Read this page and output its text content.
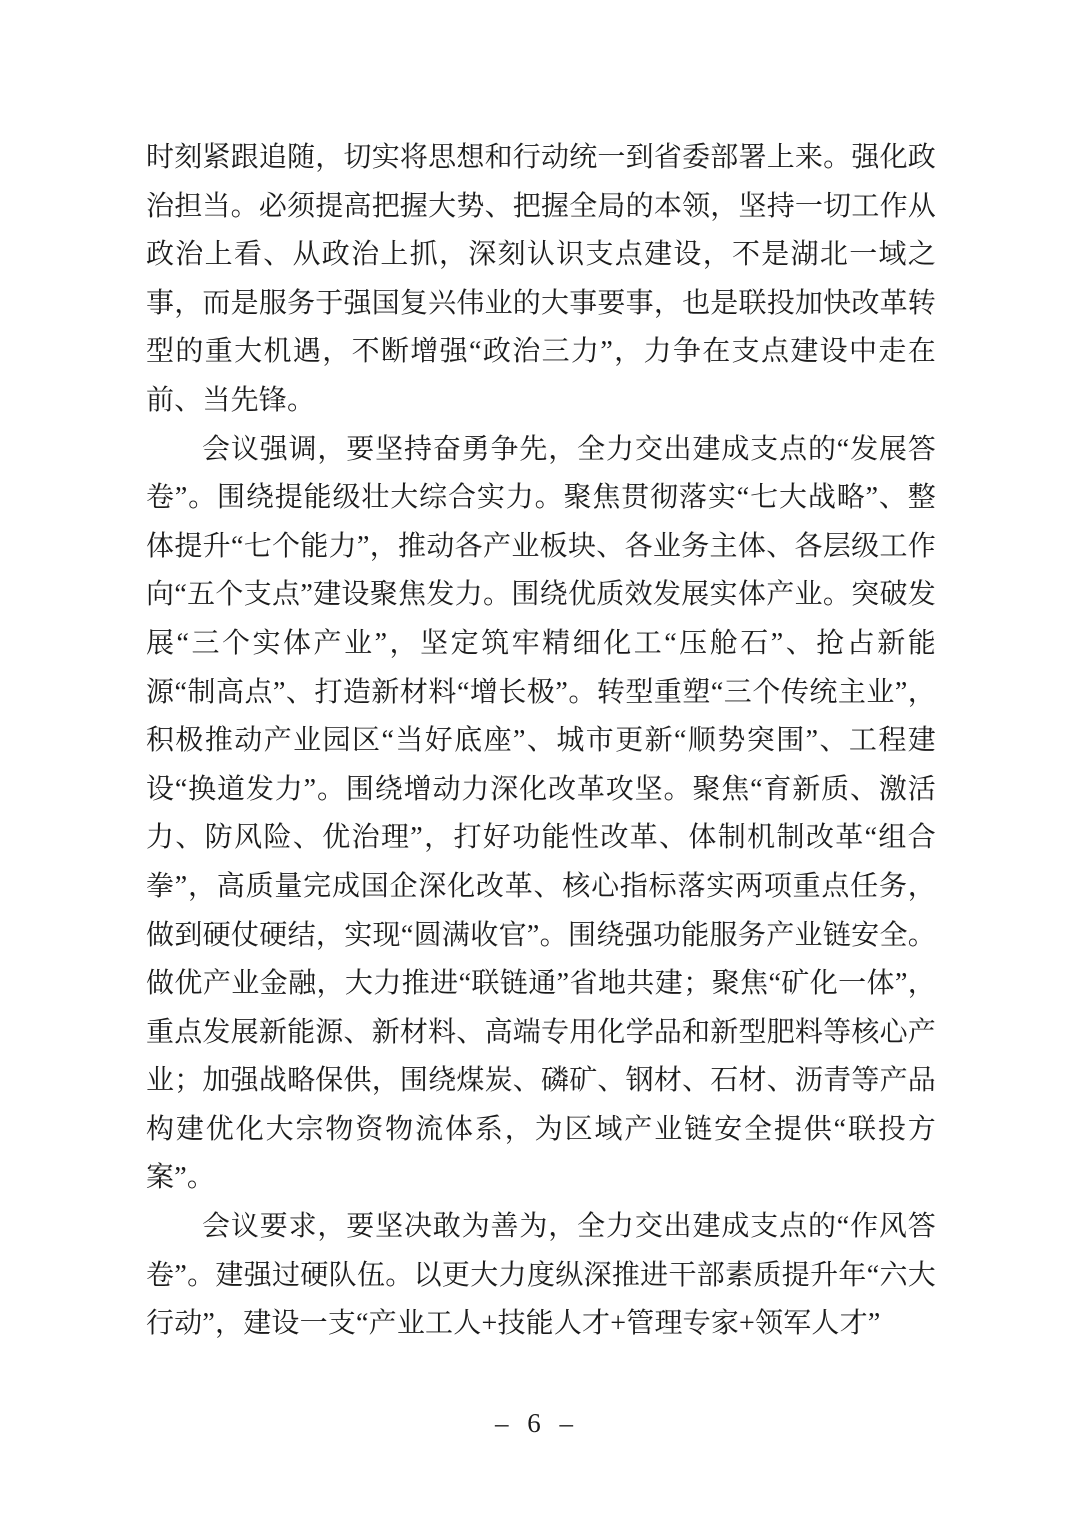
时刻紧跟追随，切实将思想和行动统一到省委部署上来。强化政治担当。必须提高把握大势、把握全局的本领，坚持一切工作从政治上看、从政治上抓，深刻认识支点建设，不是湖北一域之事，而是服务于强国复兴伟业的大事要事，也是联投加快改革转型的重大机遇，不断增强“政治三力”，力争在支点建设中走在前、当先锋。

会议强调，要坚持奋勇争先，全力交出建成支点的“发展答卷”。围绕提能级壮大综合实力。聚焦贯彻落实“七大战略”、整体提升“七个能力”，推动各产业板块、各业务主体、各层级工作向“五个支点”建设聚焦发力。围绕优质效发展实体产业。突破发展“三个实体产业”，坚定筑牢精细化工“压舱石”、抢占新能源“制高点”、打造新材料“增长极”。转型重塑“三个传统主业”，积极推动产业园区“当好底座”、城市更新“顺势突围”、工程建设“换道发力”。围绕增动力深化改革攻坚。聚焦“育新质、激活力、防风险、优治理”，打好功能性改革、体制机制改革“组合拳”，高质量完成国企深化改革、核心指标落实两项重点任务，做到硬仗硬结，实现“圆满收官”。围绕强功能服务产业链安全。做优产业金融，大力推进“联链通”省地共建；聚焦“矿化一体”，重点发展新能源、新材料、高端专用化学品和新型肥料等核心产业；加强战略保供，围绕煤炭、磷矿、钢材、石材、沥青等产品构建优化大宗物资物流体系，为区域产业链安全提供“联投方案”。

会议要求，要坚决敢为善为，全力交出建成支点的“作风答卷”。建强过硬队伍。以更大力度纵深推进干部素质提升年“六大行动”，建设一支“产业工人+技能人才+管理专家+领军人才”

– 6 –
